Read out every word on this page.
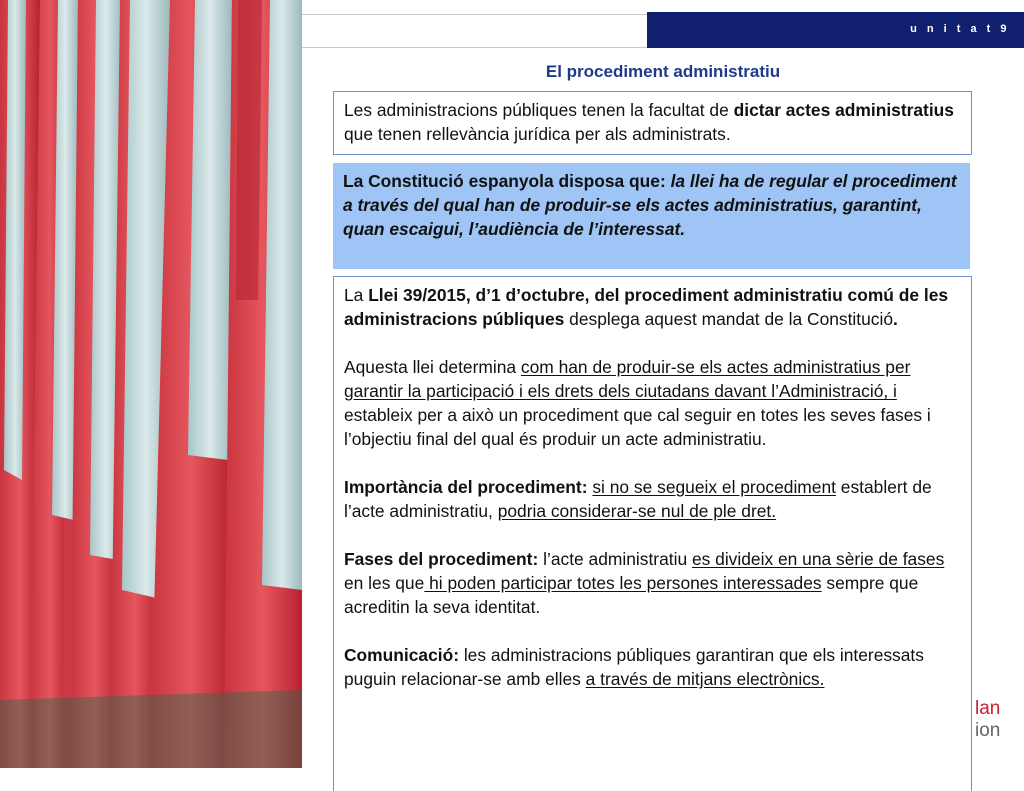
u n i t a t 9
El procediment administratiu

Les administracions públiques tenen la facultat de dictar actes administratius que tenen rellevància jurídica per als administrats.

La Constitució espanyola disposa que: la llei ha de regular el procediment a través del qual han de produir-se els actes administratius, garantint, quan escaigui, l’audiència de l’interessat.

La Llei 39/2015, d’1 d’octubre, del procediment administratiu comú de les administracions públiques desplega aquest mandat de la Constitució.

Aquesta llei determina com han de produir-se els actes administratius per garantir la participació i els drets dels ciutadans davant l’Administració, i estableix per a això un procediment que cal seguir en totes les seves fases i l’objectiu final del qual és produir un acte administratiu.

Importància del procediment: si no se segueix el procediment establert de l’acte administratiu, podria considerar-se nul de ple dret.

Fases del procediment: l’acte administratiu es divideix en una sèrie de fases en les que hi poden participar totes les persones interessades sempre que acreditin la seva identitat.

Comunicació: les administracions públiques garantiran que els interessats puguin relacionar-se amb elles a través de mitjans electrònics.

lan
ion
